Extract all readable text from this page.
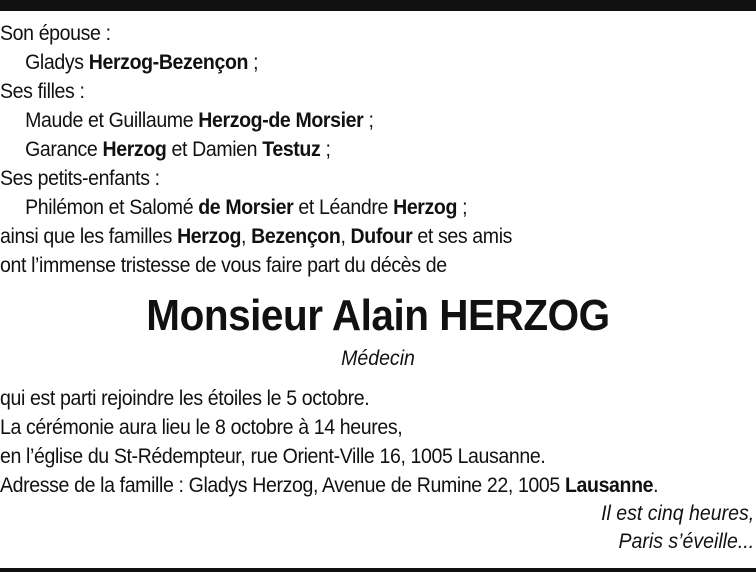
Son épouse :
Gladys Herzog-Bezençon ;
Ses filles :
Maude et Guillaume Herzog-de Morsier ;
Garance Herzog et Damien Testuz ;
Ses petits-enfants :
Philémon et Salomé de Morsier et Léandre Herzog ;
ainsi que les familles Herzog, Bezençon, Dufour et ses amis
ont l’immense tristesse de vous faire part du décès de
Monsieur Alain HERZOG
Médecin
qui est parti rejoindre les étoiles le 5 octobre.
La cérémonie aura lieu le 8 octobre à 14 heures,
en l’église du St-Rédempteur, rue Orient-Ville 16, 1005 Lausanne.
Adresse de la famille : Gladys Herzog, Avenue de Rumine 22, 1005 Lausanne.
Il est cinq heures,
Paris s’éveille...
